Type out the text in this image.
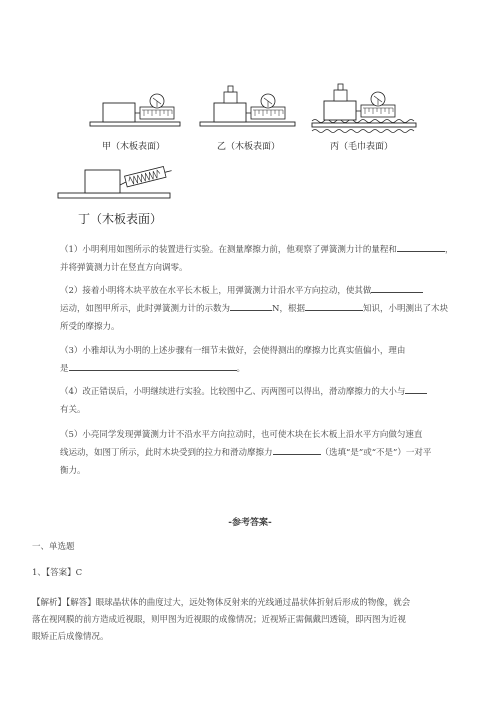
甲（木板表面）	乙（木板表面）	丙（毛巾表面）
丁（木板表面）
（1）小明利用如图所示的装置进行实验。在测量摩擦力前，他观察了弹簧测力计的量程和	，
并将弹簧测力计在竖直方向调零。
（2）接着小明将木块平放在水平长木板上，用弹簧测力计沿水平方向拉动，使其做
运动，如图甲所示，此时弹簧测力计的示数为	N，根据	知识，小明测出了木块
所受的摩擦力。
（3）小雅却认为小明的上述步骤有一细节未做好，会使得测出的摩擦力比真实值偏小，理由
是	。
（4）改正错误后，小明继续进行实验。比较图中乙、丙两图可以得出，滑动摩擦力的大小与
有关。
（5）小亮同学发现弹簧测力计不沿水平方向拉动时，也可使木块在长木板上沿水平方向做匀速直
线运动，如图丁所示，此时木块受到的拉力和滑动摩擦力	（选填“是”或“不是”）一对平
衡力。
-参考答案-
一、单选题
1、【答案】C
【解析】【解答】眼球晶状体的曲度过大，远处物体反射来的光线通过晶状体折射后形成的物像，就会
落在视网膜的前方造成近视眼，则甲图为近视眼的成像情况；近视矫正需佩戴凹透镜，即丙图为近视
眼矫正后成像情况。
